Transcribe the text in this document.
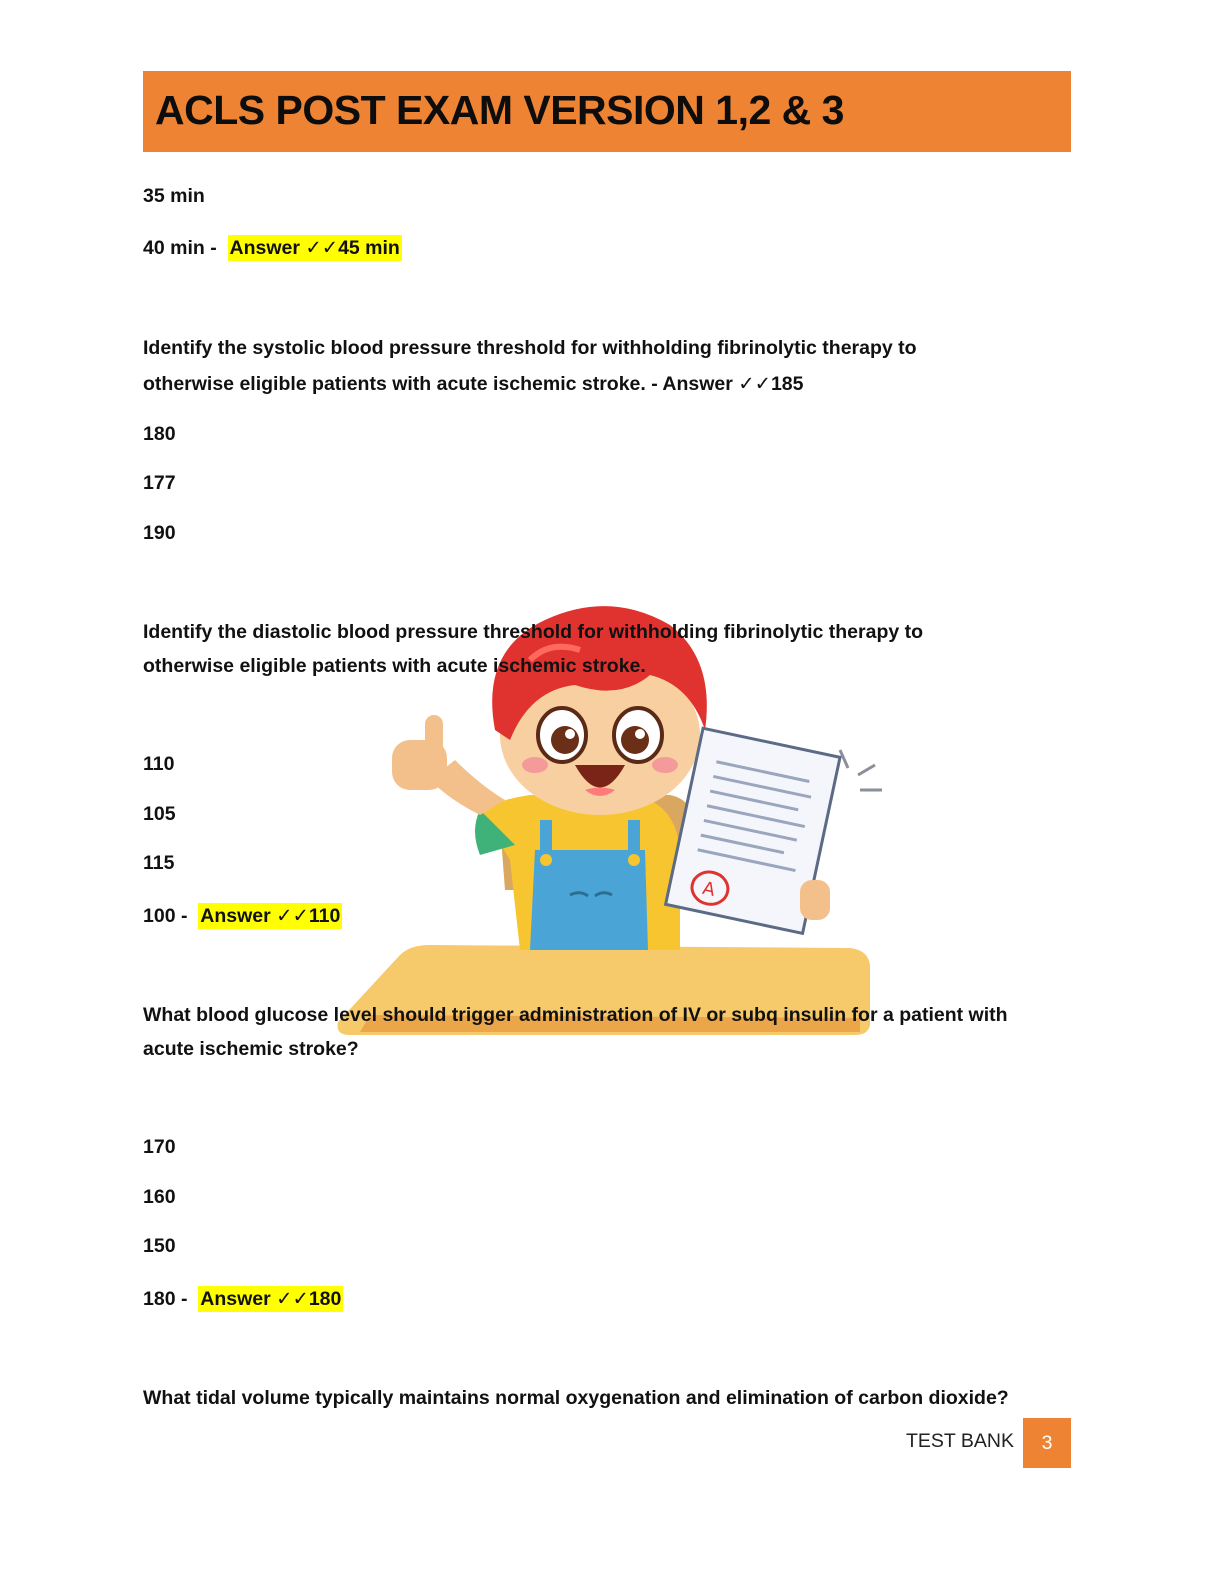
ACLS POST EXAM VERSION 1,2 & 3
A
35 min
40 min - Answer ✓✓45 min
Identify the systolic blood pressure threshold for withholding fibrinolytic therapy to
otherwise eligible patients with acute ischemic stroke. - Answer ✓✓185
180
177
190
Identify the diastolic blood pressure threshold for withholding fibrinolytic therapy to
otherwise eligible patients with acute ischemic stroke.
110
105
115
100 - Answer ✓✓110
What blood glucose level should trigger administration of IV or subq insulin for a patient with
acute ischemic stroke?
170
160
150
180 - Answer ✓✓180
What tidal volume typically maintains normal oxygenation and elimination of carbon dioxide?
TEST BANK	3
